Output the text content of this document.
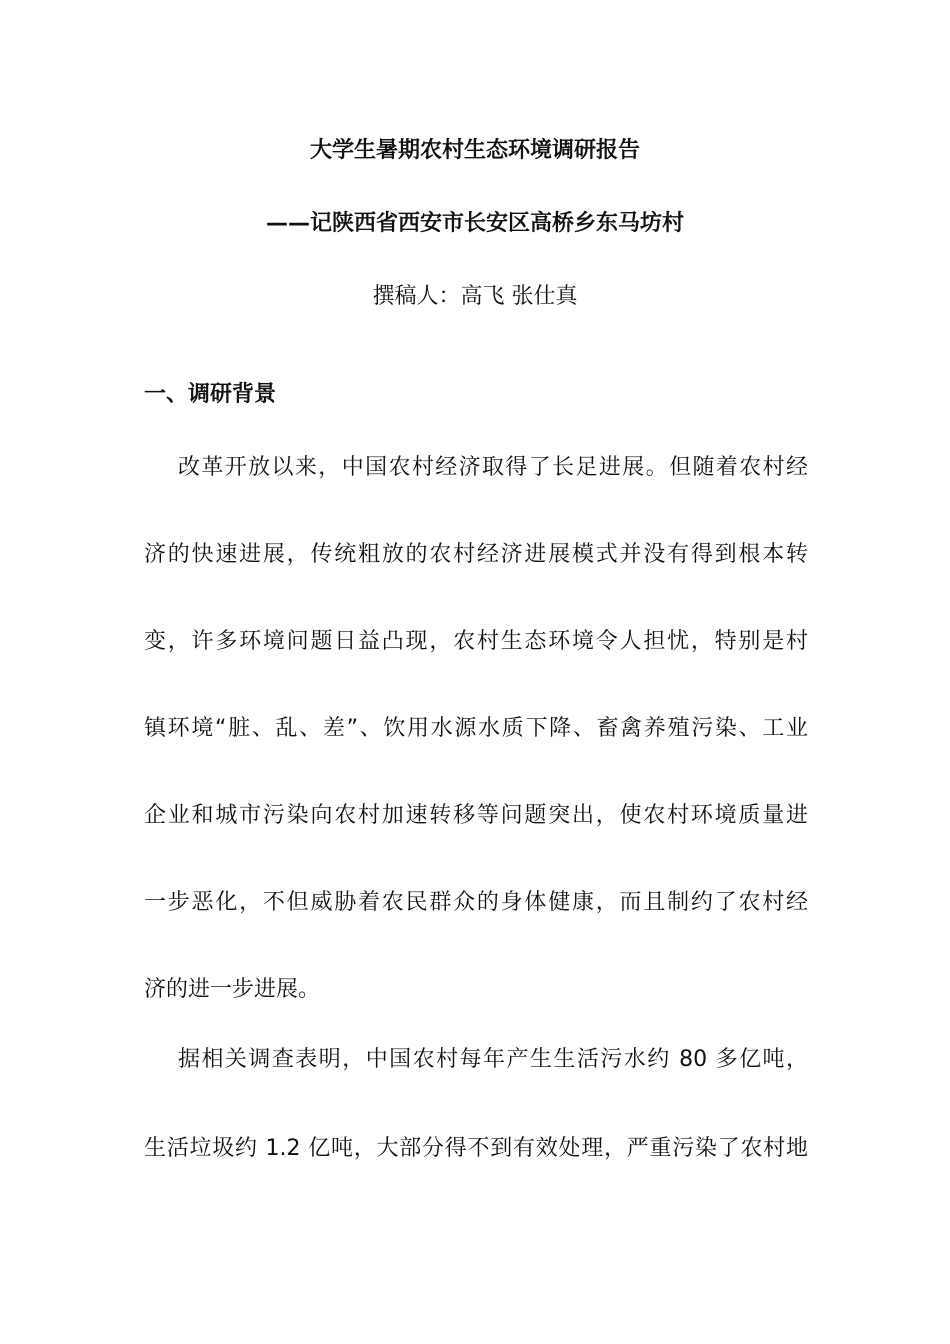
大学生暑期农村生态环境调研报告
——记陕西省西安市长安区高桥乡东马坊村
撰稿人：高飞 张仕真
一、调研背景
改革开放以来，中国农村经济取得了长足进展。但随着农村经
济的快速进展，传统粗放的农村经济进展模式并没有得到根本转
变，许多环境问题日益凸现，农村生态环境令人担忧，特别是村
镇环境“脏、乱、差”、饮用水源水质下降、畜禽养殖污染、工业
企业和城市污染向农村加速转移等问题突出，使农村环境质量进
一步恶化，不但威胁着农民群众的身体健康，而且制约了农村经
济的进一步进展。
据相关调查表明，中国农村每年产生生活污水约 80 多亿吨，
生活垃圾约 1.2 亿吨，大部分得不到有效处理，严重污染了农村地
